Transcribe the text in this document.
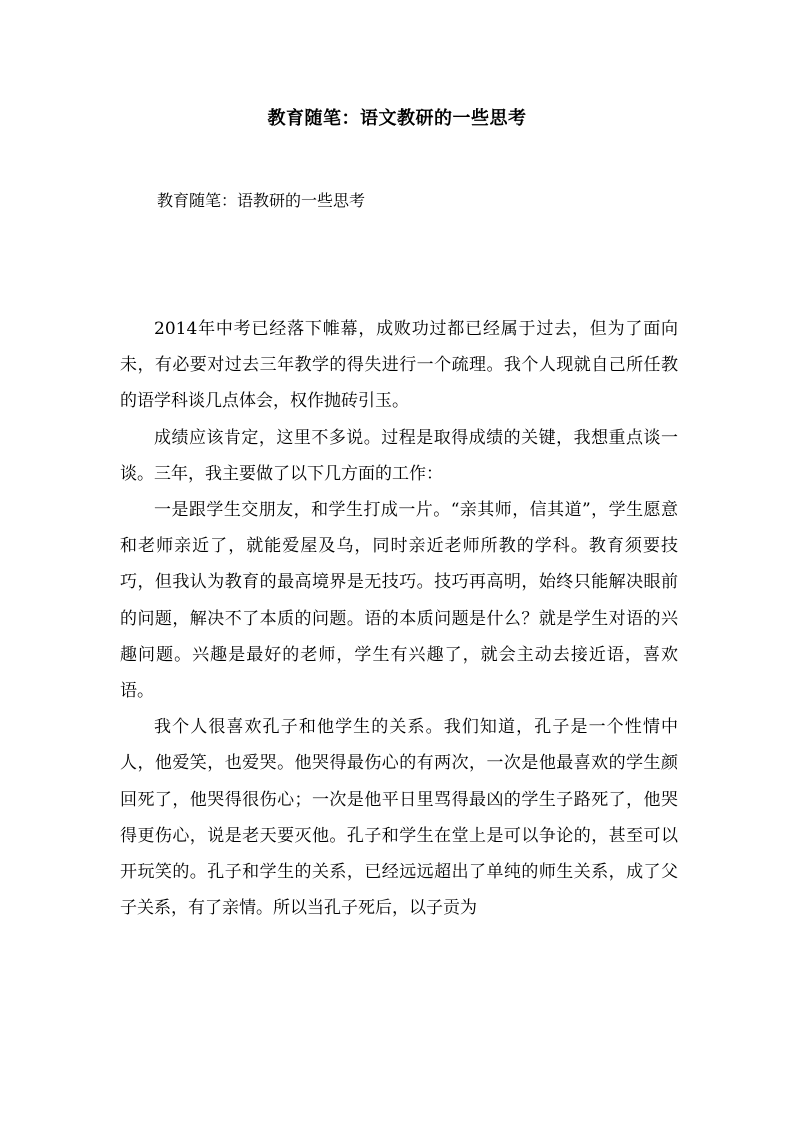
教育随笔：语文教研的一些思考
教育随笔：语教研的一些思考

2014年中考已经落下帷幕，成败功过都已经属于过去，但为了面向未，有必要对过去三年教学的得失进行一个疏理。我个人现就自己所任教的语学科谈几点体会，权作抛砖引玉。

成绩应该肯定，这里不多说。过程是取得成绩的关键，我想重点谈一谈。三年，我主要做了以下几方面的工作：

一是跟学生交朋友，和学生打成一片。“亲其师，信其道”，学生愿意和老师亲近了，就能爱屋及乌，同时亲近老师所教的学科。教育须要技巧，但我认为教育的最高境界是无技巧。技巧再高明，始终只能解决眼前的问题，解决不了本质的问题。语的本质问题是什么？就是学生对语的兴趣问题。兴趣是最好的老师，学生有兴趣了，就会主动去接近语，喜欢语。

我个人很喜欢孔子和他学生的关系。我们知道，孔子是一个性情中人，他爱笑，也爱哭。他哭得最伤心的有两次，一次是他最喜欢的学生颜回死了，他哭得很伤心；一次是他平日里骂得最凶的学生子路死了，他哭得更伤心，说是老天要灭他。孔子和学生在堂上是可以争论的，甚至可以开玩笑的。孔子和学生的关系，已经远远超出了单纯的师生关系，成了父子关系，有了亲情。所以当孔子死后，以子贡为
